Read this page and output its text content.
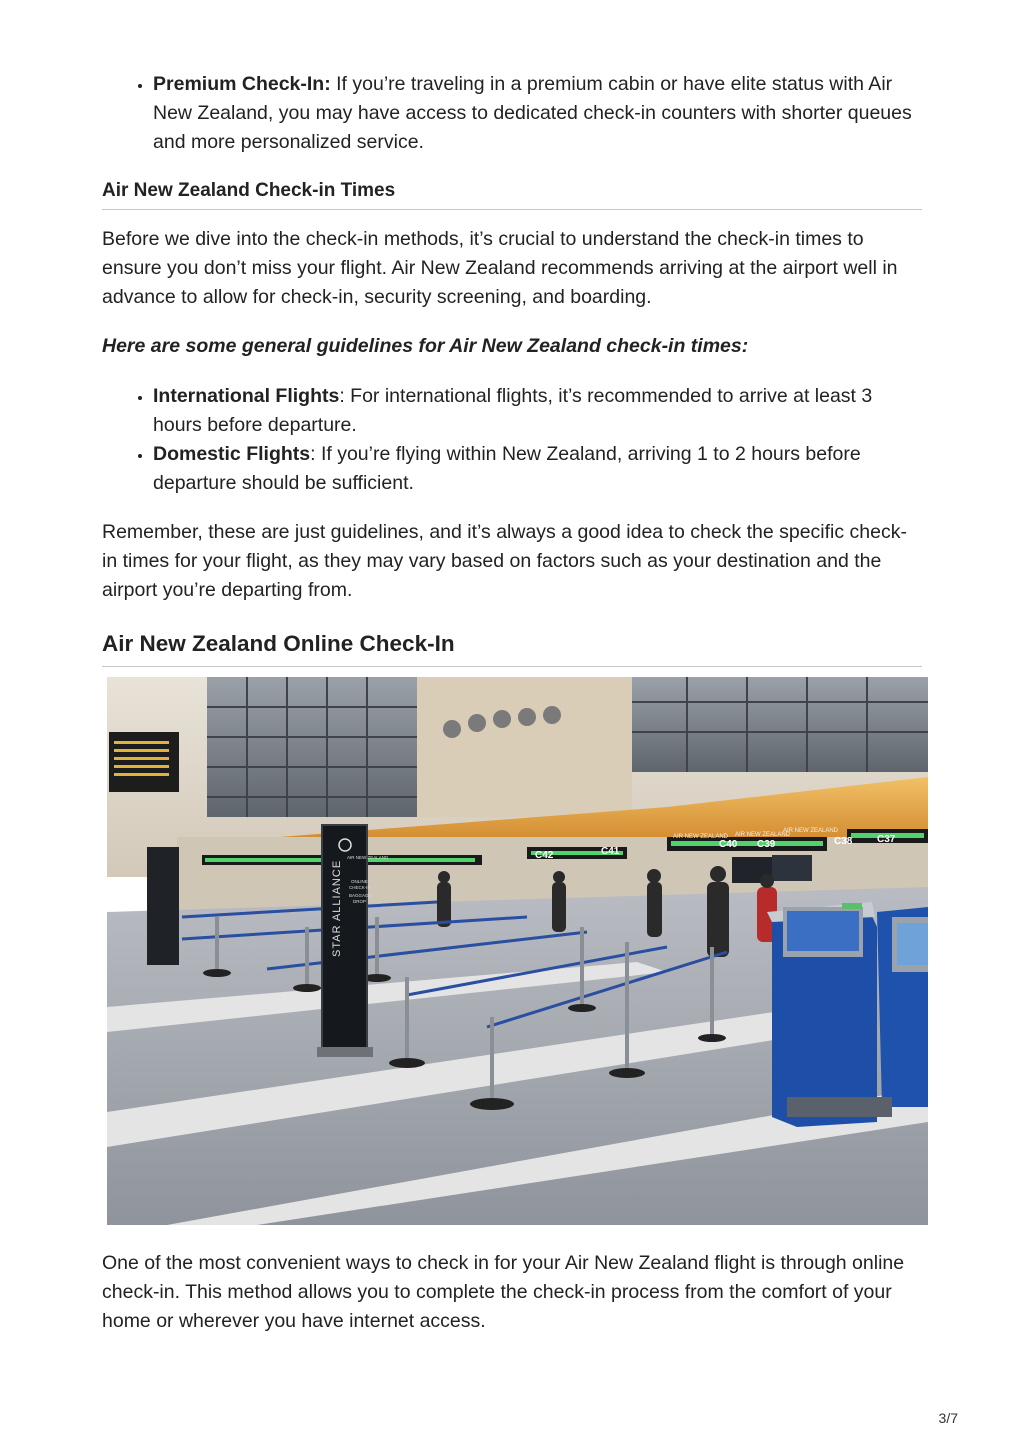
• Premium Check-In: If you’re traveling in a premium cabin or have elite status with Air New Zealand, you may have access to dedicated check-in counters with shorter queues and more personalized service.
Air New Zealand Check-in Times

Before we dive into the check-in methods, it’s crucial to understand the check-in times to ensure you don’t miss your flight. Air New Zealand recommends arriving at the airport well in advance to allow for check-in, security screening, and boarding.

Here are some general guidelines for Air New Zealand check-in times:

• International Flights: For international flights, it’s recommended to arrive at least 3 hours before departure.
• Domestic Flights: If you’re flying within New Zealand, arriving 1 to 2 hours before departure should be sufficient.

Remember, these are just guidelines, and it’s always a good idea to check the specific check-in times for your flight, as they may vary based on factors such as your destination and the airport you’re departing from.

Air New Zealand Online Check-In
C42	C41
C40 C39	C38 C37
AIR NEW ZEALAND AIR NEW ZEALAND
AIR NEW ZEALAND
STAR ALLIANCE
AIR NEW ZEALAND
ONLINE
CHECK-IN
BAGGAGE
DROP

One of the most convenient ways to check in for your Air New Zealand flight is through online check-in. This method allows you to complete the check-in process from the comfort of your home or wherever you have internet access.

3/7
